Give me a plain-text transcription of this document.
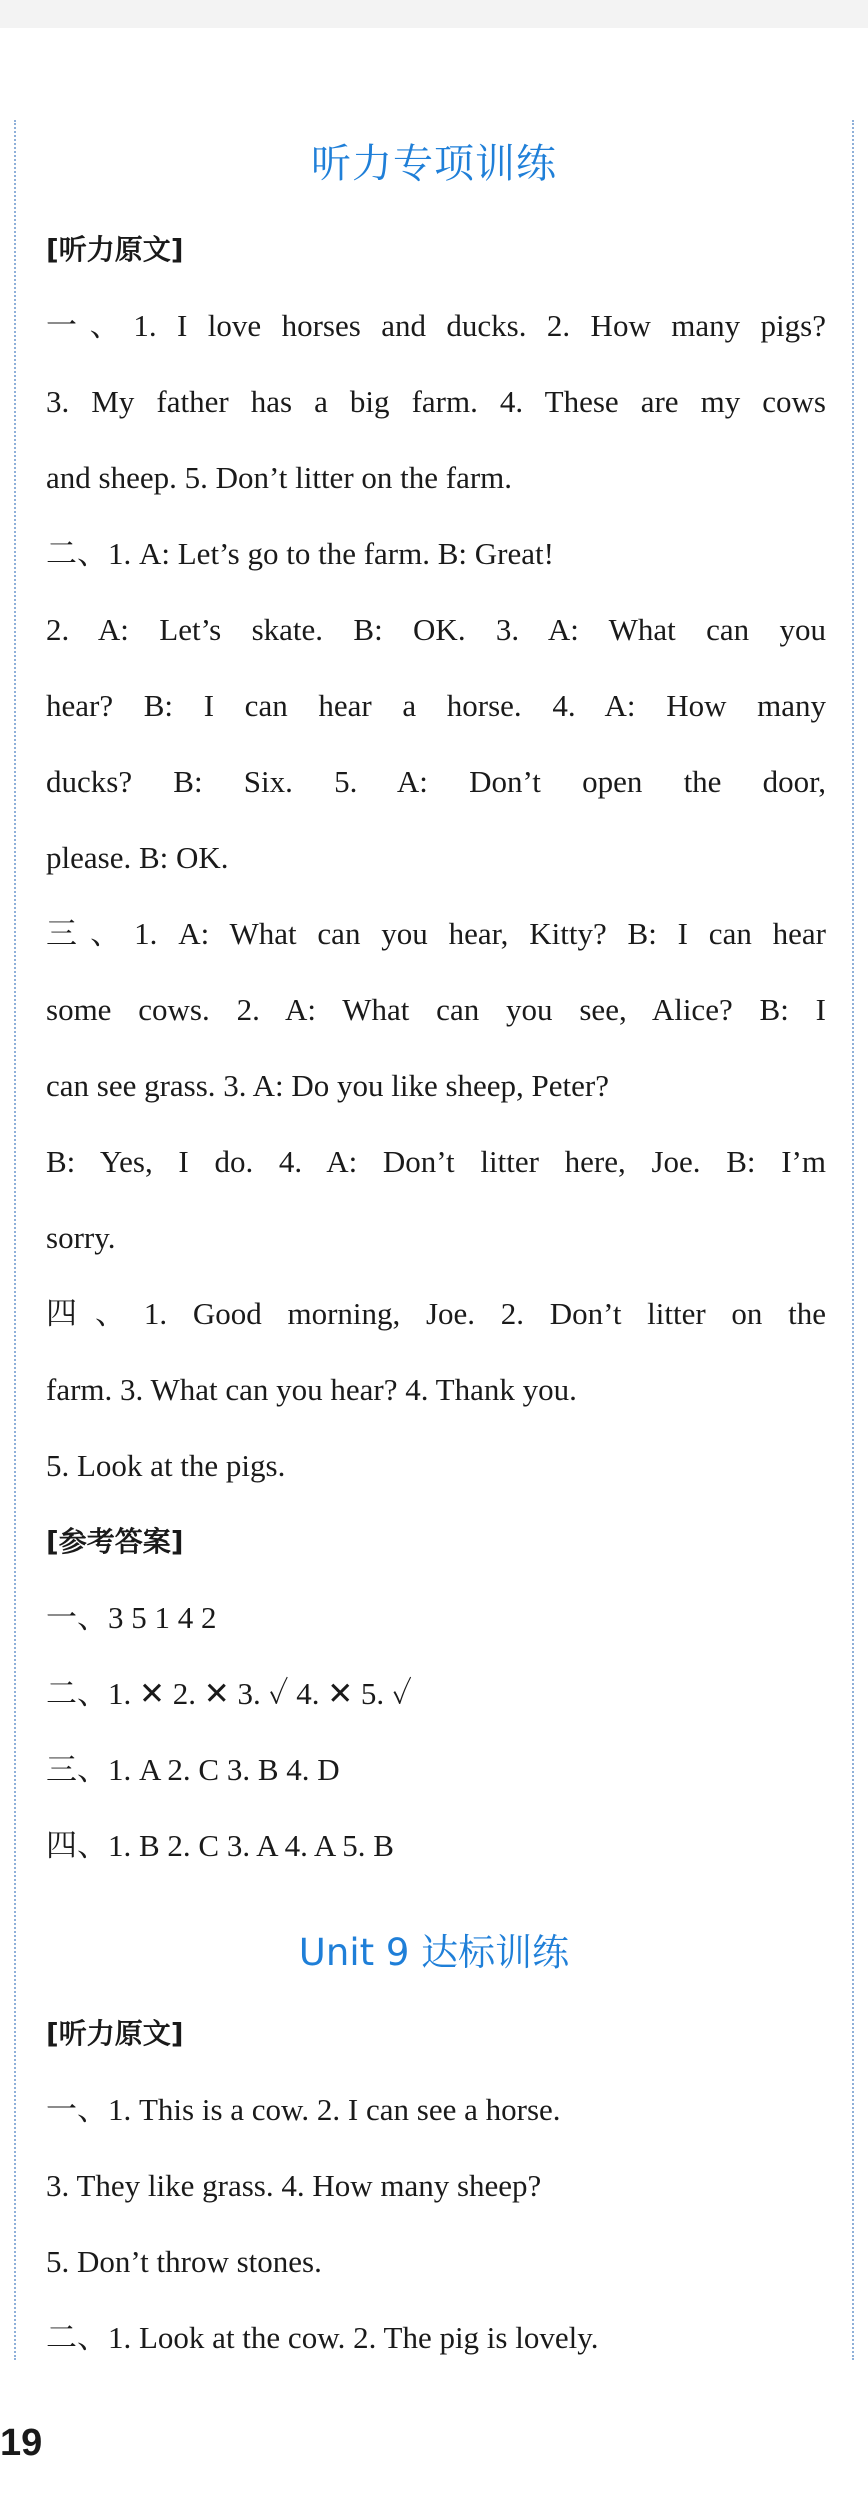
听力专项训练
[听力原文]
一、1. I love horses and ducks. 2. How many pigs?
3. My father has a big farm. 4. These are my cows
and sheep. 5. Don’t litter on the farm.
二、1. A: Let’s go to the farm. B: Great!
2. A: Let’s skate. B: OK. 3. A: What can you
hear? B: I can hear a horse. 4. A: How many
ducks? B: Six. 5. A: Don’t open the door,
please. B: OK.
三、1. A: What can you hear, Kitty? B: I can hear
some cows. 2. A: What can you see, Alice? B: I
can see grass. 3. A: Do you like sheep, Peter?
B: Yes, I do. 4. A: Don’t litter here, Joe. B: I’m
sorry.
四、1. Good morning, Joe. 2. Don’t litter on the
farm. 3. What can you hear? 4. Thank you.
5. Look at the pigs.
[参考答案]
一、3 5 1 4 2
二、1. ✕ 2. ✕ 3. ✓ 4. ✕ 5. ✓
三、1. A 2. C 3. B 4. D
四、1. B 2. C 3. A 4. A 5. B
Unit 9 达标训练
[听力原文]
一、1. This is a cow. 2. I can see a horse.
3. They like grass. 4. How many sheep?
5. Don’t throw stones.
二、1. Look at the cow. 2. The pig is lovely.
19
